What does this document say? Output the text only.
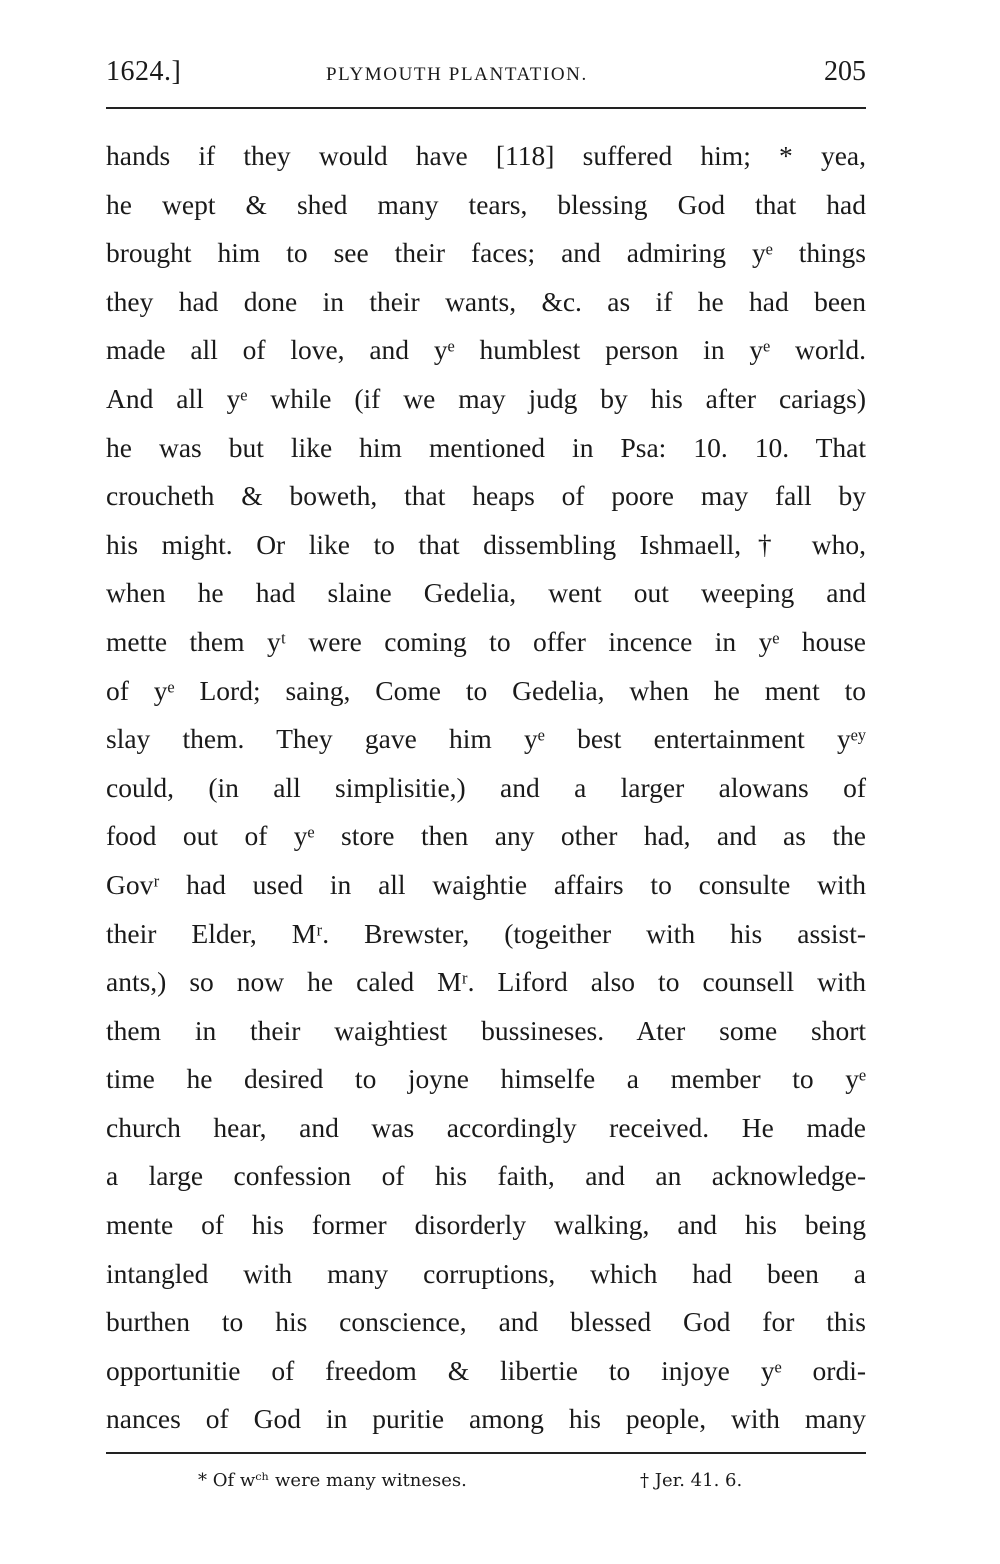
1624.]	PLYMOUTH PLANTATION.	205
hands if they would have [118] suffered him; * yea,
he wept & shed many tears, blessing God that had
brought him to see their faces; and admiring yᵉ things
they had done in their wants, &c. as if he had been
made all of love, and yᵉ humblest person in yᵉ world.
And all yᵉ while (if we may judg by his after cariags)
he was but like him mentioned in Psa: 10. 10. That
croucheth & boweth, that heaps of poore may fall by
his might. Or like to that dissembling Ishmaell,† who,
when he had slaine Gedelia, went out weeping and
mette them yᵗ were coming to offer incence in yᵉ house
of yᵉ Lord; saing, Come to Gedelia, when he ment to
slay them. They gave him yᵉ best entertainment yᵉʸ
could, (in all simplisitie,) and a larger alowans of
food out of yᵉ store then any other had, and as the
Govʳ had used in all waightie affairs to consulte with
their Elder, Mʳ. Brewster, (togeither with his assist-
ants,) so now he caled Mʳ. Liford also to counsell with
them in their waightiest bussineses. Ater some short
time he desired to joyne himselfe a member to yᵉ
church hear, and was accordingly received. He made
a large confession of his faith, and an acknowledge-
mente of his former disorderly walking, and his being
intangled with many corruptions, which had been a
burthen to his conscience, and blessed God for this
opportunitie of freedom & libertie to injoye yᵉ ordi-
nances of God in puritie among his people, with many
* Of wᶜʰ were many witneses.	† Jer. 41. 6.
